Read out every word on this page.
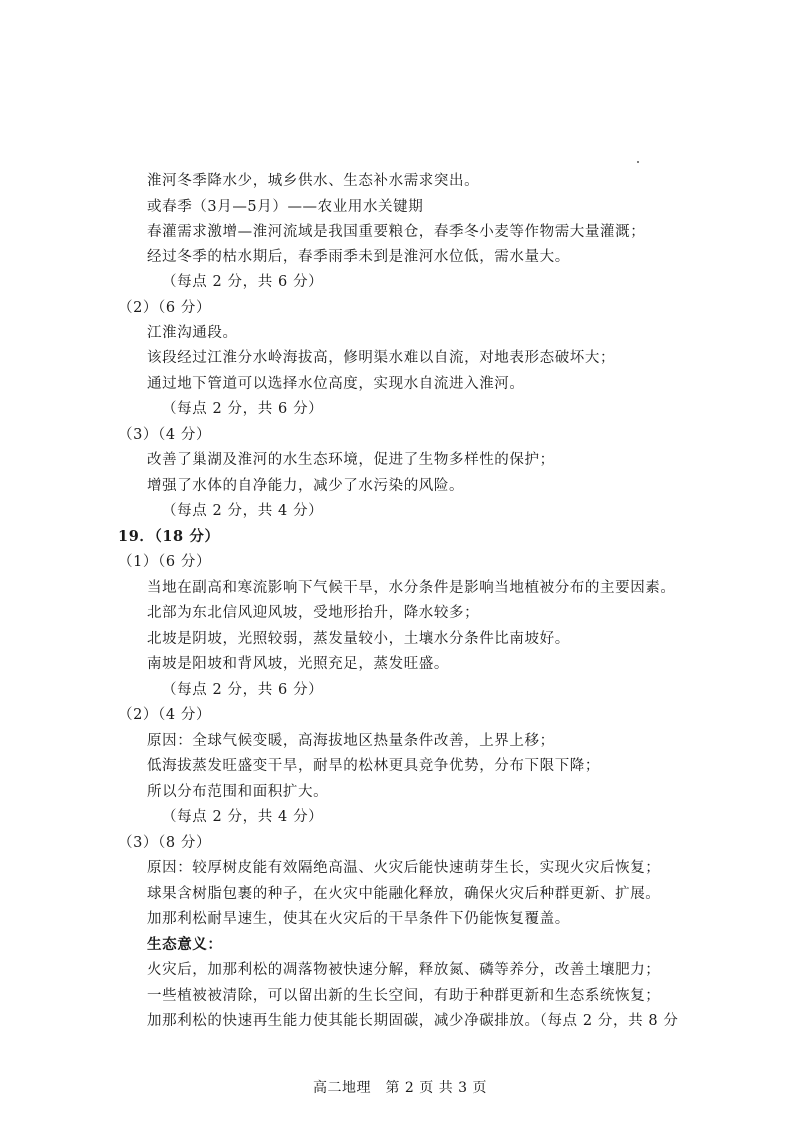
淮河冬季降水少，城乡供水、生态补水需求突出。
或春季（3月—5月）——农业用水关键期
春灌需求激增—淮河流域是我国重要粮仓，春季冬小麦等作物需大量灌溉；
经过冬季的枯水期后，春季雨季未到是淮河水位低，需水量大。
（每点 2 分，共 6 分）
（2）（6 分）
江淮沟通段。
该段经过江淮分水岭海拔高，修明渠水难以自流，对地表形态破坏大；
通过地下管道可以选择水位高度，实现水自流进入淮河。
（每点 2 分，共 6 分）
（3）（4 分）
改善了巢湖及淮河的水生态环境，促进了生物多样性的保护；
增强了水体的自净能力，减少了水污染的风险。
（每点 2 分，共 4 分）
19．（18 分）
（1）（6 分）
当地在副高和寒流影响下气候干旱，水分条件是影响当地植被分布的主要因素。
北部为东北信风迎风坡，受地形抬升，降水较多；
北坡是阴坡，光照较弱，蒸发量较小，土壤水分条件比南坡好。
南坡是阳坡和背风坡，光照充足，蒸发旺盛。
（每点 2 分，共 6 分）
（2）（4 分）
原因：全球气候变暖，高海拔地区热量条件改善，上界上移；
低海拔蒸发旺盛变干旱，耐旱的松林更具竞争优势，分布下限下降；
所以分布范围和面积扩大。
（每点 2 分，共 4 分）
（3）（8 分）
原因：较厚树皮能有效隔绝高温、火灾后能快速萌芽生长，实现火灾后恢复；
球果含树脂包裹的种子，在火灾中能融化释放，确保火灾后种群更新、扩展。
加那利松耐旱速生，使其在火灾后的干旱条件下仍能恢复覆盖。
生态意义：
火灾后，加那利松的凋落物被快速分解，释放氮、磷等养分，改善土壤肥力；
一些植被被清除，可以留出新的生长空间，有助于种群更新和生态系统恢复；
加那利松的快速再生能力使其能长期固碳，减少净碳排放。（每点 2 分，共 8 分
高二地理　第 2 页 共 3 页
